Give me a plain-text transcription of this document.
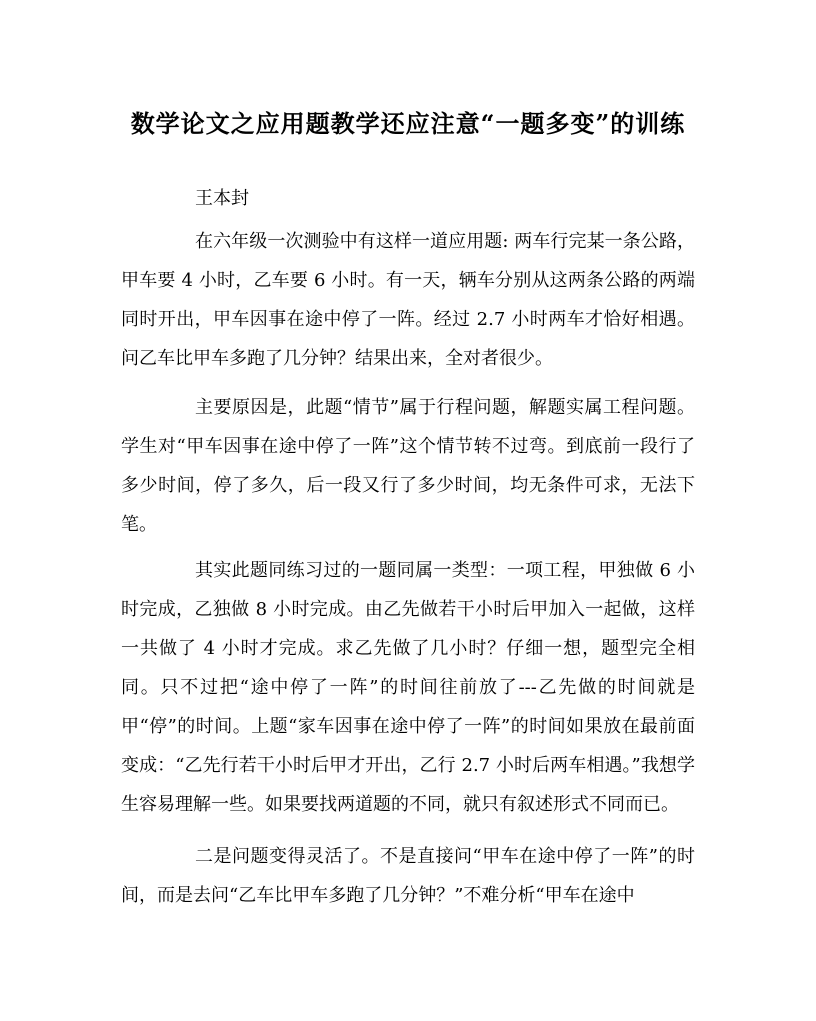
数学论文之应用题教学还应注意“一题多变”的训练
王本封

在六年级一次测验中有这样一道应用题: 两车行完某一条公路，甲车要 4 小时，乙车要 6 小时。有一天，辆车分别从这两条公路的两端同时开出，甲车因事在途中停了一阵。经过 2.7 小时两车才恰好相遇。问乙车比甲车多跑了几分钟？结果出来，全对者很少。

主要原因是，此题“情节”属于行程问题，解题实属工程问题。学生对“甲车因事在途中停了一阵”这个情节转不过弯。到底前一段行了多少时间，停了多久，后一段又行了多少时间，均无条件可求，无法下笔。

其实此题同练习过的一题同属一类型：一项工程，甲独做 6 小时完成，乙独做 8 小时完成。由乙先做若干小时后甲加入一起做，这样一共做了 4 小时才完成。求乙先做了几小时？仔细一想，题型完全相同。只不过把“途中停了一阵”的时间往前放了---乙先做的时间就是甲“停”的时间。上题“家车因事在途中停了一阵”的时间如果放在最前面变成：“乙先行若干小时后甲才开出，乙行 2.7 小时后两车相遇。”我想学生容易理解一些。如果要找两道题的不同，就只有叙述形式不同而已。

二是问题变得灵活了。不是直接问“甲车在途中停了一阵”的时间，而是去问“乙车比甲车多跑了几分钟？”不难分析“甲车在途中
